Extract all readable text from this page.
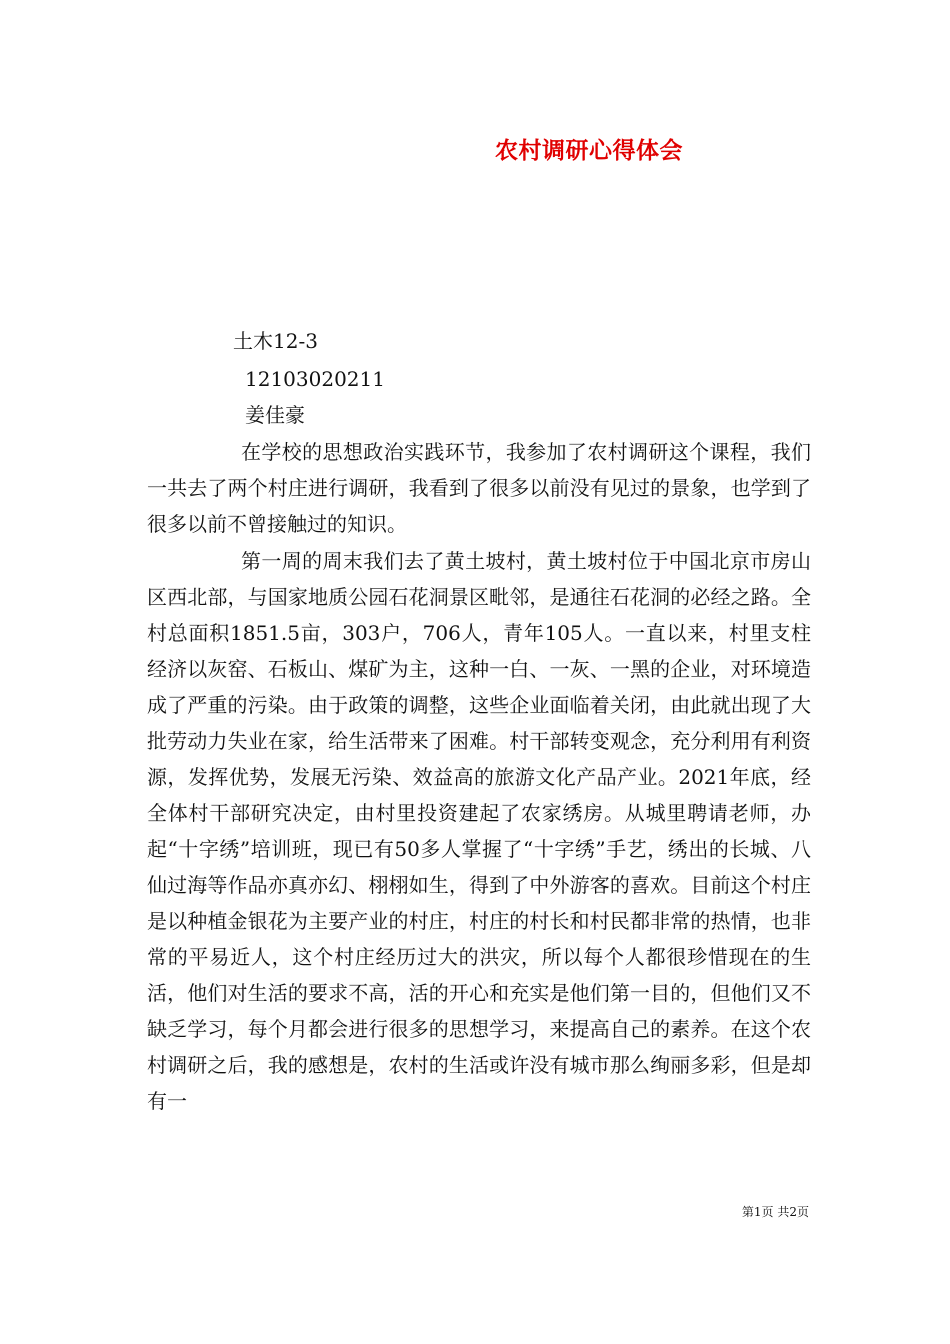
农村调研心得体会
土木12-3
12103020211
姜佳豪

在学校的思想政治实践环节，我参加了农村调研这个课程，我们一共去了两个村庄进行调研，我看到了很多以前没有见过的景象，也学到了很多以前不曾接触过的知识。

第一周的周末我们去了黄土坡村，黄土坡村位于中国北京市房山区西北部，与国家地质公园石花洞景区毗邻，是通往石花洞的必经之路。全村总面积1851.5亩，303户，706人，青年105人。一直以来，村里支柱经济以灰窑、石板山、煤矿为主，这种一白、一灰、一黑的企业，对环境造成了严重的污染。由于政策的调整，这些企业面临着关闭，由此就出现了大批劳动力失业在家，给生活带来了困难。村干部转变观念，充分利用有利资源，发挥优势，发展无污染、效益高的旅游文化产品产业。2021年底，经全体村干部研究决定，由村里投资建起了农家绣房。从城里聘请老师，办起“十字绣”培训班，现已有50多人掌握了“十字绣”手艺，绣出的长城、八仙过海等作品亦真亦幻、栩栩如生，得到了中外游客的喜欢。目前这个村庄是以种植金银花为主要产业的村庄，村庄的村长和村民都非常的热情，也非常的平易近人，这个村庄经历过大的洪灾，所以每个人都很珍惜现在的生活，他们对生活的要求不高，活的开心和充实是他们第一目的，但他们又不缺乏学习，每个月都会进行很多的思想学习，来提高自己的素养。在这个农村调研之后，我的感想是，农村的生活或许没有城市那么绚丽多彩，但是却有一

第1页 共2页
